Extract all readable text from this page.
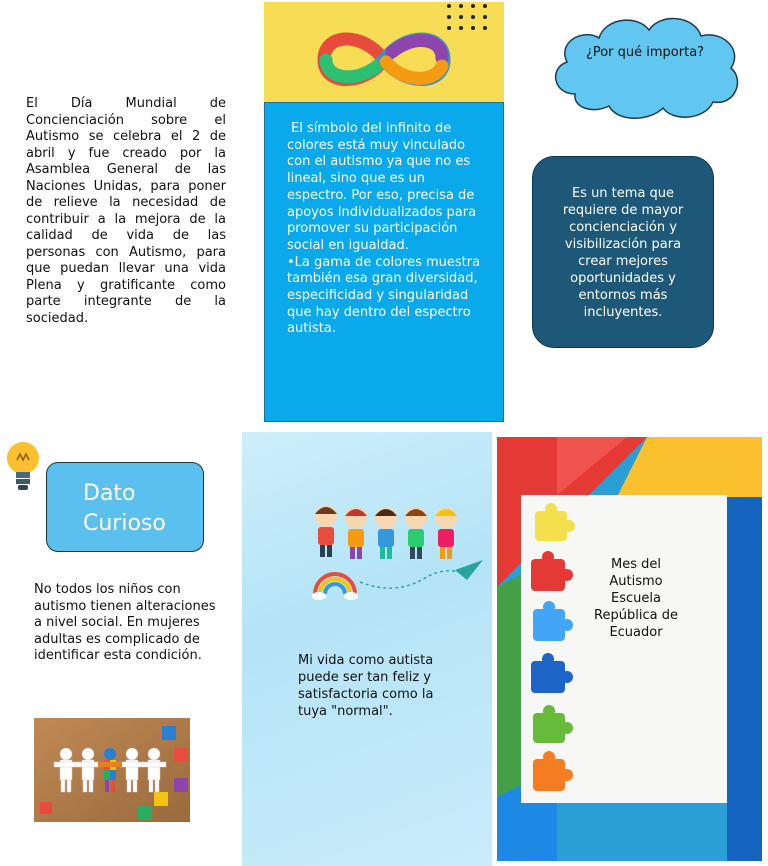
El Día Mundial de Concienciación sobre el Autismo se celebra el 2 de abril y fue creado por la Asamblea General de las Naciones Unidas, para poner de relieve la necesidad de contribuir a la mejora de la calidad de vida de las personas con Autismo, para que puedan llevar una vida Plena y gratificante como parte integrante de la sociedad.
El símbolo del infinito de colores está muy vinculado con el autismo ya que no es lineal, sino que es un espectro. Por eso, precisa de apoyos Individualizados para promover su participación social en igualdad.
•La gama de colores muestra también esa gran diversidad, especificidad y singularidad que hay dentro del espectro autista.
¿Por qué importa?
Es un tema que requiere de mayor concienciación y visibilización para crear mejores oportunidades y entornos más incluyentes.
Dato
Curioso
No todos los niños con autismo tienen alteraciones a nivel social. En mujeres adultas es complicado de identificar esta condición.	Mi vida como autista puede ser tan feliz y satisfactoria como la tuya "normal".
Mes del
Autismo
Escuela
República de
Ecuador
